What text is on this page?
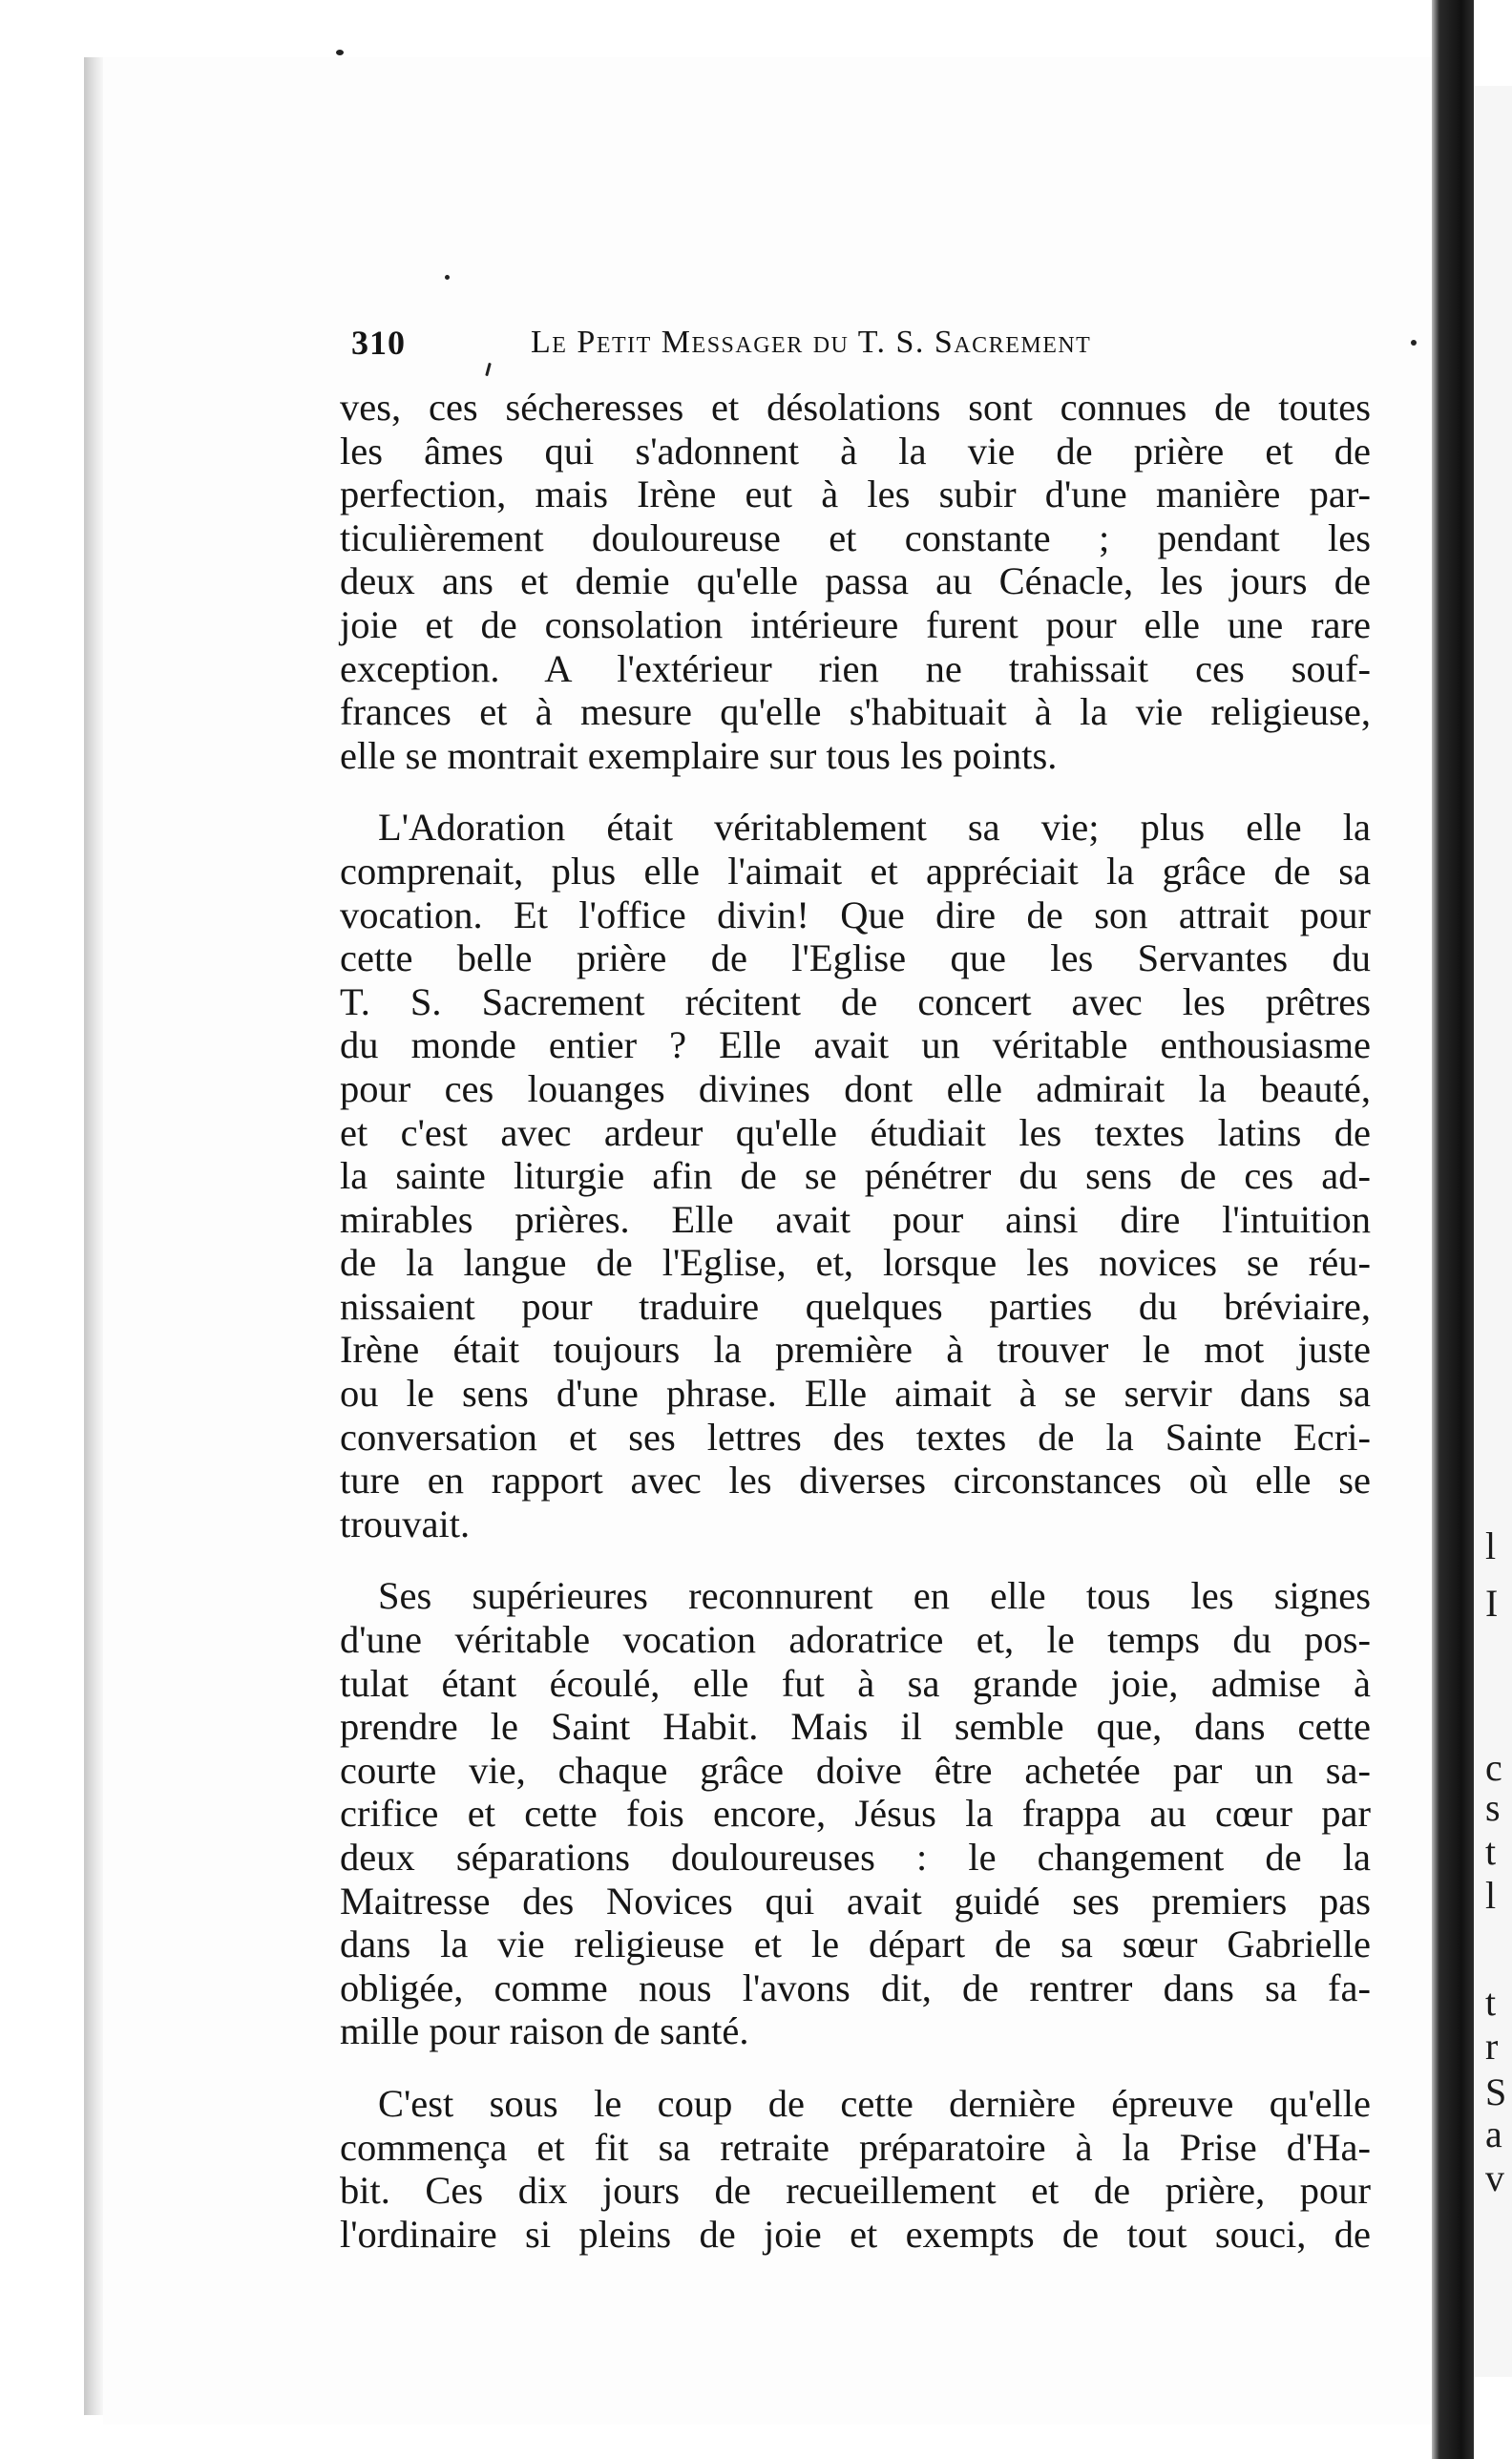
l
I
c
s
t
l
t
r
S
a
v
310	Le Petit Messager du T. S. Sacrement
ves, ces sécheresses et désolations sont connues de toutes
les âmes qui s'adonnent à la vie de prière et de
perfection, mais Irène eut à les subir d'une manière par-
ticulièrement douloureuse et constante ; pendant les
deux ans et demie qu'elle passa au Cénacle, les jours de
joie et de consolation intérieure furent pour elle une rare
exception. A l'extérieur rien ne trahissait ces souf-
frances et à mesure qu'elle s'habituait à la vie religieuse,
elle se montrait exemplaire sur tous les points.
L'Adoration était véritablement sa vie; plus elle la
comprenait, plus elle l'aimait et appréciait la grâce de sa
vocation. Et l'office divin! Que dire de son attrait pour
cette belle prière de l'Eglise que les Servantes du
T. S. Sacrement récitent de concert avec les prêtres
du monde entier ? Elle avait un véritable enthousiasme
pour ces louanges divines dont elle admirait la beauté,
et c'est avec ardeur qu'elle étudiait les textes latins de
la sainte liturgie afin de se pénétrer du sens de ces ad-
mirables prières. Elle avait pour ainsi dire l'intuition
de la langue de l'Eglise, et, lorsque les novices se réu-
nissaient pour traduire quelques parties du bréviaire,
Irène était toujours la première à trouver le mot juste
ou le sens d'une phrase. Elle aimait à se servir dans sa
conversation et ses lettres des textes de la Sainte Ecri-
ture en rapport avec les diverses circonstances où elle se
trouvait.
Ses supérieures reconnurent en elle tous les signes
d'une véritable vocation adoratrice et, le temps du pos-
tulat étant écoulé, elle fut à sa grande joie, admise à
prendre le Saint Habit. Mais il semble que, dans cette
courte vie, chaque grâce doive être achetée par un sa-
crifice et cette fois encore, Jésus la frappa au cœur par
deux séparations douloureuses : le changement de la
Maitresse des Novices qui avait guidé ses premiers pas
dans la vie religieuse et le départ de sa sœur Gabrielle
obligée, comme nous l'avons dit, de rentrer dans sa fa-
mille pour raison de santé.
C'est sous le coup de cette dernière épreuve qu'elle
commença et fit sa retraite préparatoire à la Prise d'Ha-
bit. Ces dix jours de recueillement et de prière, pour
l'ordinaire si pleins de joie et exempts de tout souci, de
